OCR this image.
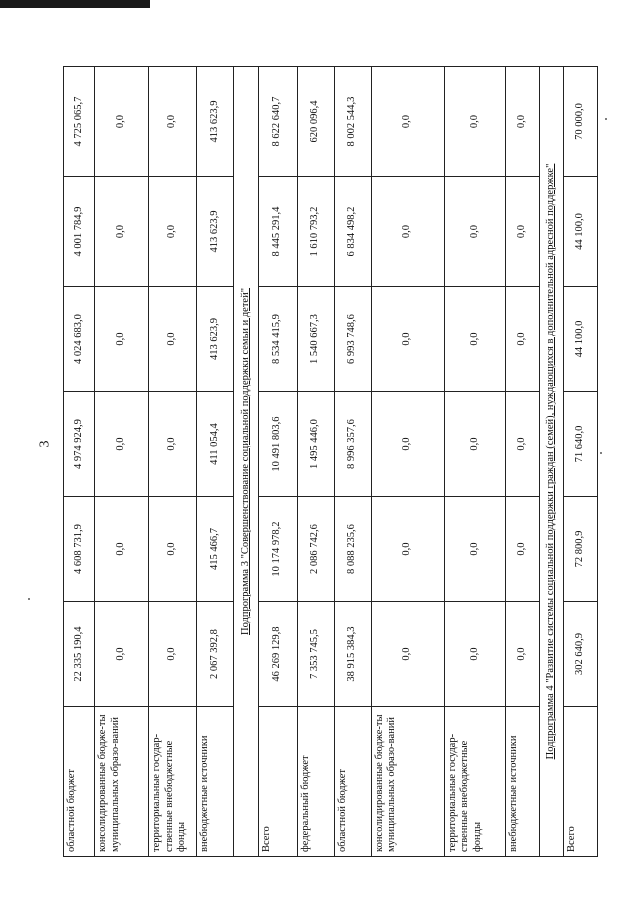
3
областной бюджет	22 335 190,4	4 608 731,9	4 974 924,9	4 024 683,0	4 001 784,9	4 725 065,7
консолидированные бюдже-ты муниципальных образо-ваний	0,0	0,0	0,0	0,0	0,0	0,0
территориальные государ-ственные внебюджетные фонды	0,0	0,0	0,0	0,0	0,0	0,0
внебюджетные источники	2 067 392,8	415 466,7	411 054,4	413 623,9	413 623,9	413 623,9
Подпрограмма 3 "Совершенствование социальной поддержки семьи и детей"						
Всего	46 269 129,8	10 174 978,2	10 491 803,6	8 534 415,9	8 445 291,4	8 622 640,7
федеральный бюджет	7 353 745,5	2 086 742,6	1 495 446,0	1 540 667,3	1 610 793,2	620 096,4
областной бюджет	38 915 384,3	8 088 235,6	8 996 357,6	6 993 748,6	6 834 498,2	8 002 544,3
консолидированные бюдже-ты муниципальных образо-ваний	0,0	0,0	0,0	0,0	0,0	0,0
территориальные государ-ственные внебюджетные фонды	0,0	0,0	0,0	0,0	0,0	0,0
внебюджетные источники	0,0	0,0	0,0	0,0	0,0	0,0
Подпрограмма 4 "Развитие системы социальной поддержки граждан (семей), нуждающихся в дополнительной адресной поддержке"						
Всего	302 640,9	72 800,9	71 640,0	44 100,0	44 100,0	70 000,0
